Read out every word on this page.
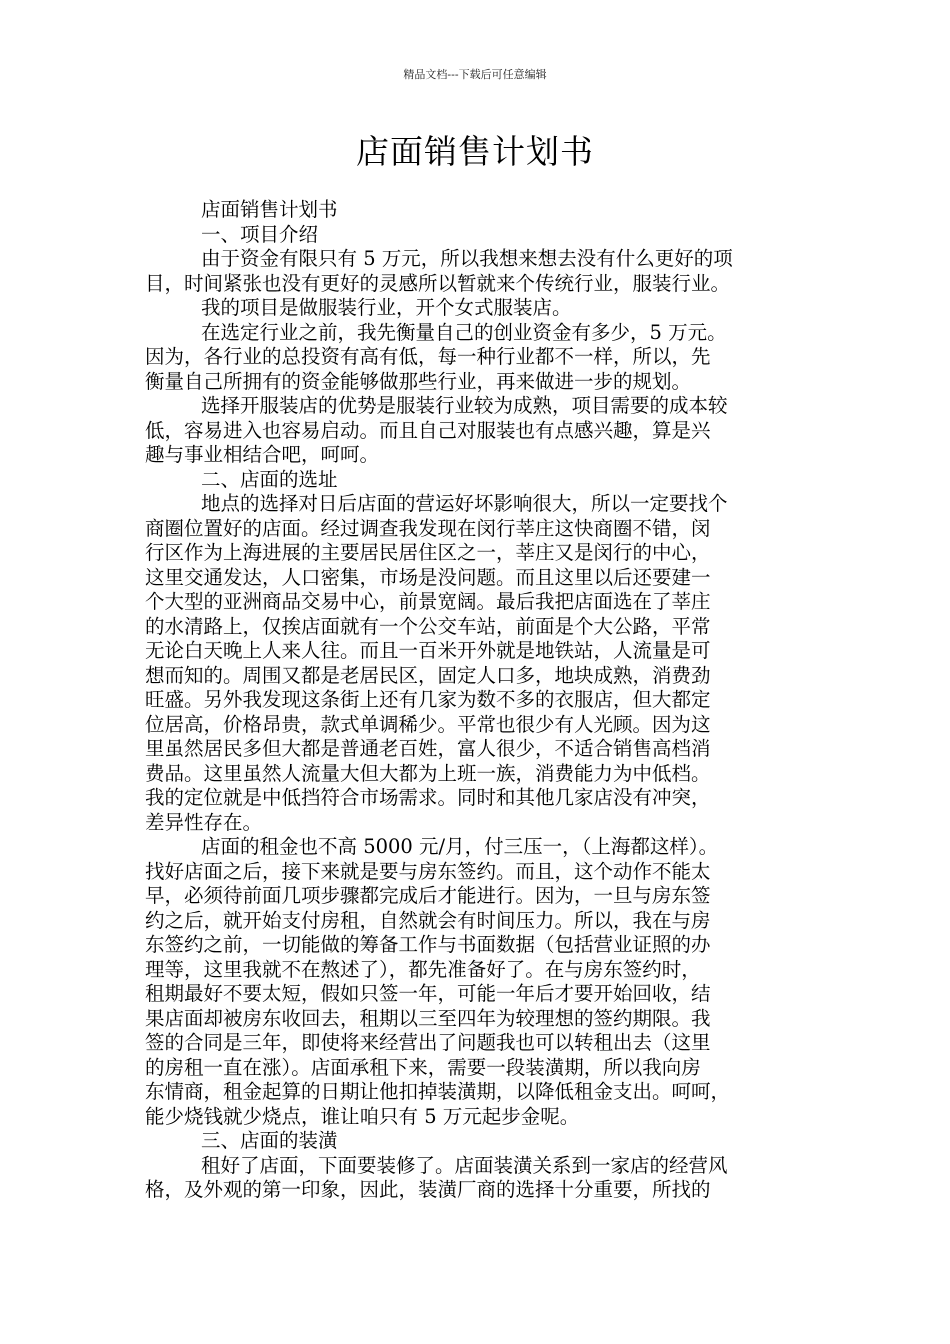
精品文档---下载后可任意编辑
店面销售计划书
店面销售计划书
一、项目介绍
由于资金有限只有 5 万元，所以我想来想去没有什么更好的项
目，时间紧张也没有更好的灵感所以暂就来个传统行业，服装行业。
我的项目是做服装行业，开个女式服装店。
在选定行业之前，我先衡量自己的创业资金有多少，5 万元。
因为，各行业的总投资有高有低，每一种行业都不一样，所以，先
衡量自己所拥有的资金能够做那些行业，再来做进一步的规划。
选择开服装店的优势是服装行业较为成熟，项目需要的成本较
低，容易进入也容易启动。而且自己对服装也有点感兴趣，算是兴
趣与事业相结合吧，呵呵。
二、店面的选址
地点的选择对日后店面的营运好坏影响很大，所以一定要找个
商圈位置好的店面。经过调查我发现在闵行莘庄这快商圈不错，闵
行区作为上海进展的主要居民居住区之一，莘庄又是闵行的中心，
这里交通发达，人口密集，市场是没问题。而且这里以后还要建一
个大型的亚洲商品交易中心，前景宽阔。最后我把店面选在了莘庄
的水清路上，仅挨店面就有一个公交车站，前面是个大公路，平常
无论白天晚上人来人往。而且一百米开外就是地铁站，人流量是可
想而知的。周围又都是老居民区，固定人口多，地块成熟，消费劲
旺盛。另外我发现这条街上还有几家为数不多的衣服店，但大都定
位居高，价格昂贵，款式单调稀少。平常也很少有人光顾。因为这
里虽然居民多但大都是普通老百姓，富人很少，不适合销售高档消
费品。这里虽然人流量大但大都为上班一族，消费能力为中低档。
我的定位就是中低挡符合市场需求。同时和其他几家店没有冲突，
差异性存在。
店面的租金也不高 5000 元/月，付三压一，（上海都这样）。
找好店面之后，接下来就是要与房东签约。而且，这个动作不能太
早，必须待前面几项步骤都完成后才能进行。因为，一旦与房东签
约之后，就开始支付房租，自然就会有时间压力。所以，我在与房
东签约之前，一切能做的筹备工作与书面数据（包括营业证照的办
理等，这里我就不在熬述了），都先准备好了。在与房东签约时，
租期最好不要太短，假如只签一年，可能一年后才要开始回收，结
果店面却被房东收回去，租期以三至四年为较理想的签约期限。我
签的合同是三年，即使将来经营出了问题我也可以转租出去（这里
的房租一直在涨）。店面承租下来，需要一段装潢期，所以我向房
东情商，租金起算的日期让他扣掉装潢期，以降低租金支出。呵呵，
能少烧钱就少烧点，谁让咱只有 5 万元起步金呢。
三、店面的装潢
租好了店面，下面要装修了。店面装潢关系到一家店的经营风
格，及外观的第一印象，因此，装潢厂商的选择十分重要，所找的
